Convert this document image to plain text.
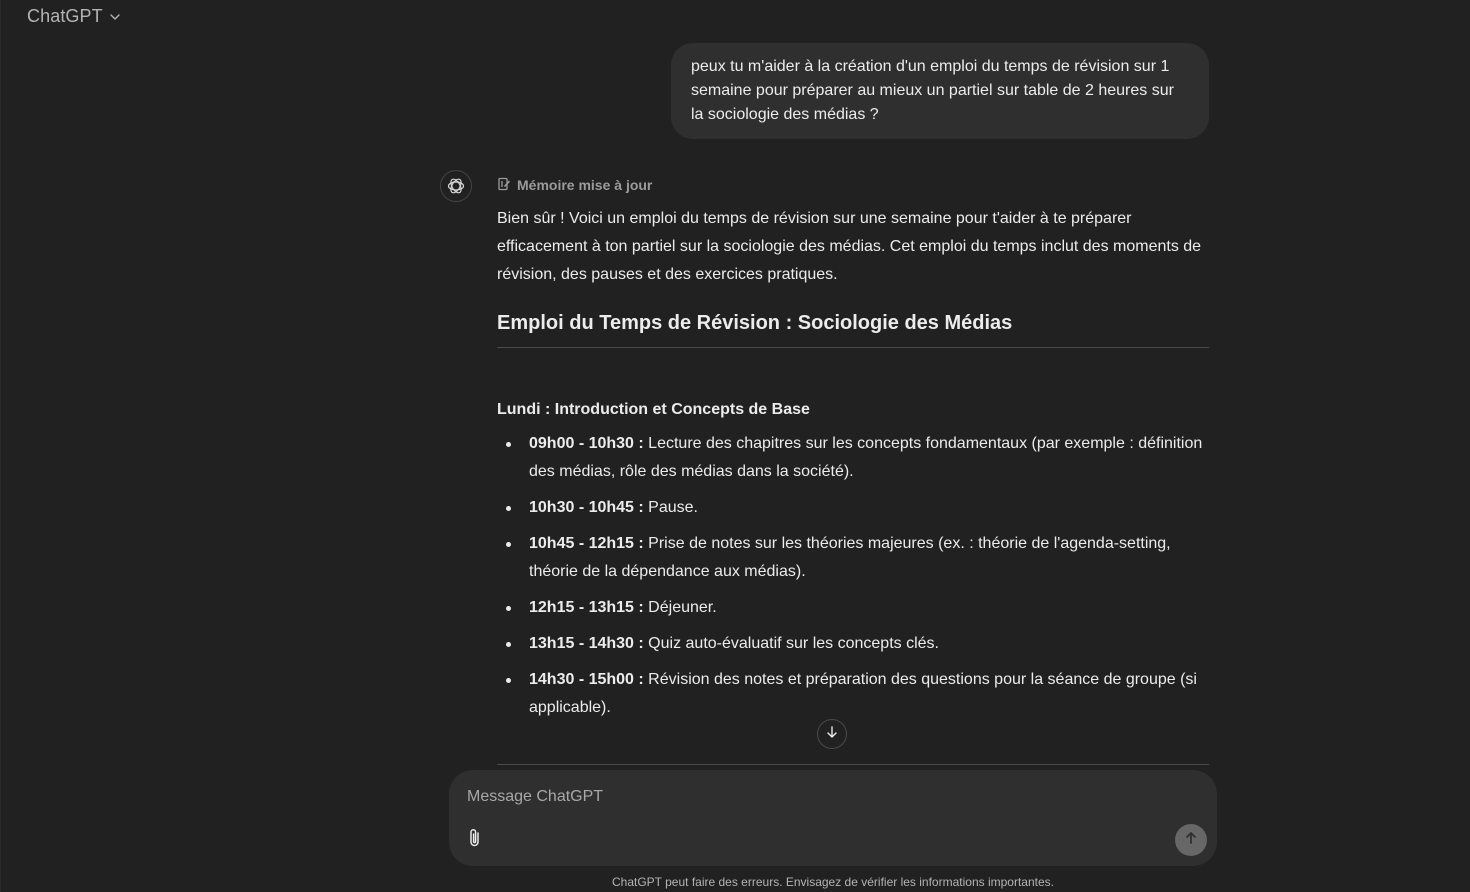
ChatGPT
peux tu m'aider à la création d'un emploi du temps de révision sur 1 semaine pour préparer au mieux un partiel sur table de 2 heures sur la sociologie des médias ?
Mémoire mise à jour
Bien sûr ! Voici un emploi du temps de révision sur une semaine pour t'aider à te préparer efficacement à ton partiel sur la sociologie des médias. Cet emploi du temps inclut des moments de révision, des pauses et des exercices pratiques.
Emploi du Temps de Révision : Sociologie des Médias
Lundi : Introduction et Concepts de Base
09h00 - 10h30 : Lecture des chapitres sur les concepts fondamentaux (par exemple : définition des médias, rôle des médias dans la société).
10h30 - 10h45 : Pause.
10h45 - 12h15 : Prise de notes sur les théories majeures (ex. : théorie de l'agenda-setting, théorie de la dépendance aux médias).
12h15 - 13h15 : Déjeuner.
13h15 - 14h30 : Quiz auto-évaluatif sur les concepts clés.
14h30 - 15h00 : Révision des notes et préparation des questions pour la séance de groupe (si applicable).
Message ChatGPT
ChatGPT peut faire des erreurs. Envisagez de vérifier les informations importantes.
